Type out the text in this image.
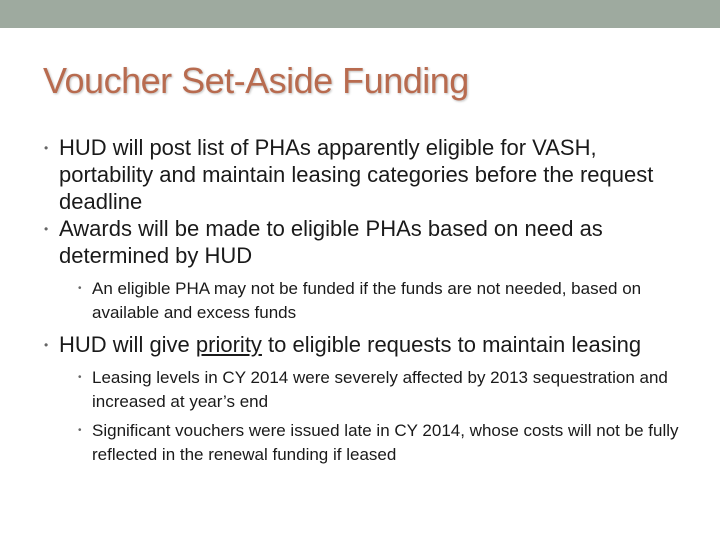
Voucher Set-Aside Funding
• HUD will post list of PHAs apparently eligible for VASH, portability and maintain leasing categories before the request deadline
• Awards will be made to eligible PHAs based on need as determined by HUD
• An eligible PHA may not be funded if the funds are not needed, based on available and excess funds
• HUD will give priority to eligible requests to maintain leasing
• Leasing levels in CY 2014 were severely affected by 2013 sequestration and increased at year’s end
• Significant vouchers were issued late in CY 2014, whose costs will not be fully reflected in the renewal funding if leased
